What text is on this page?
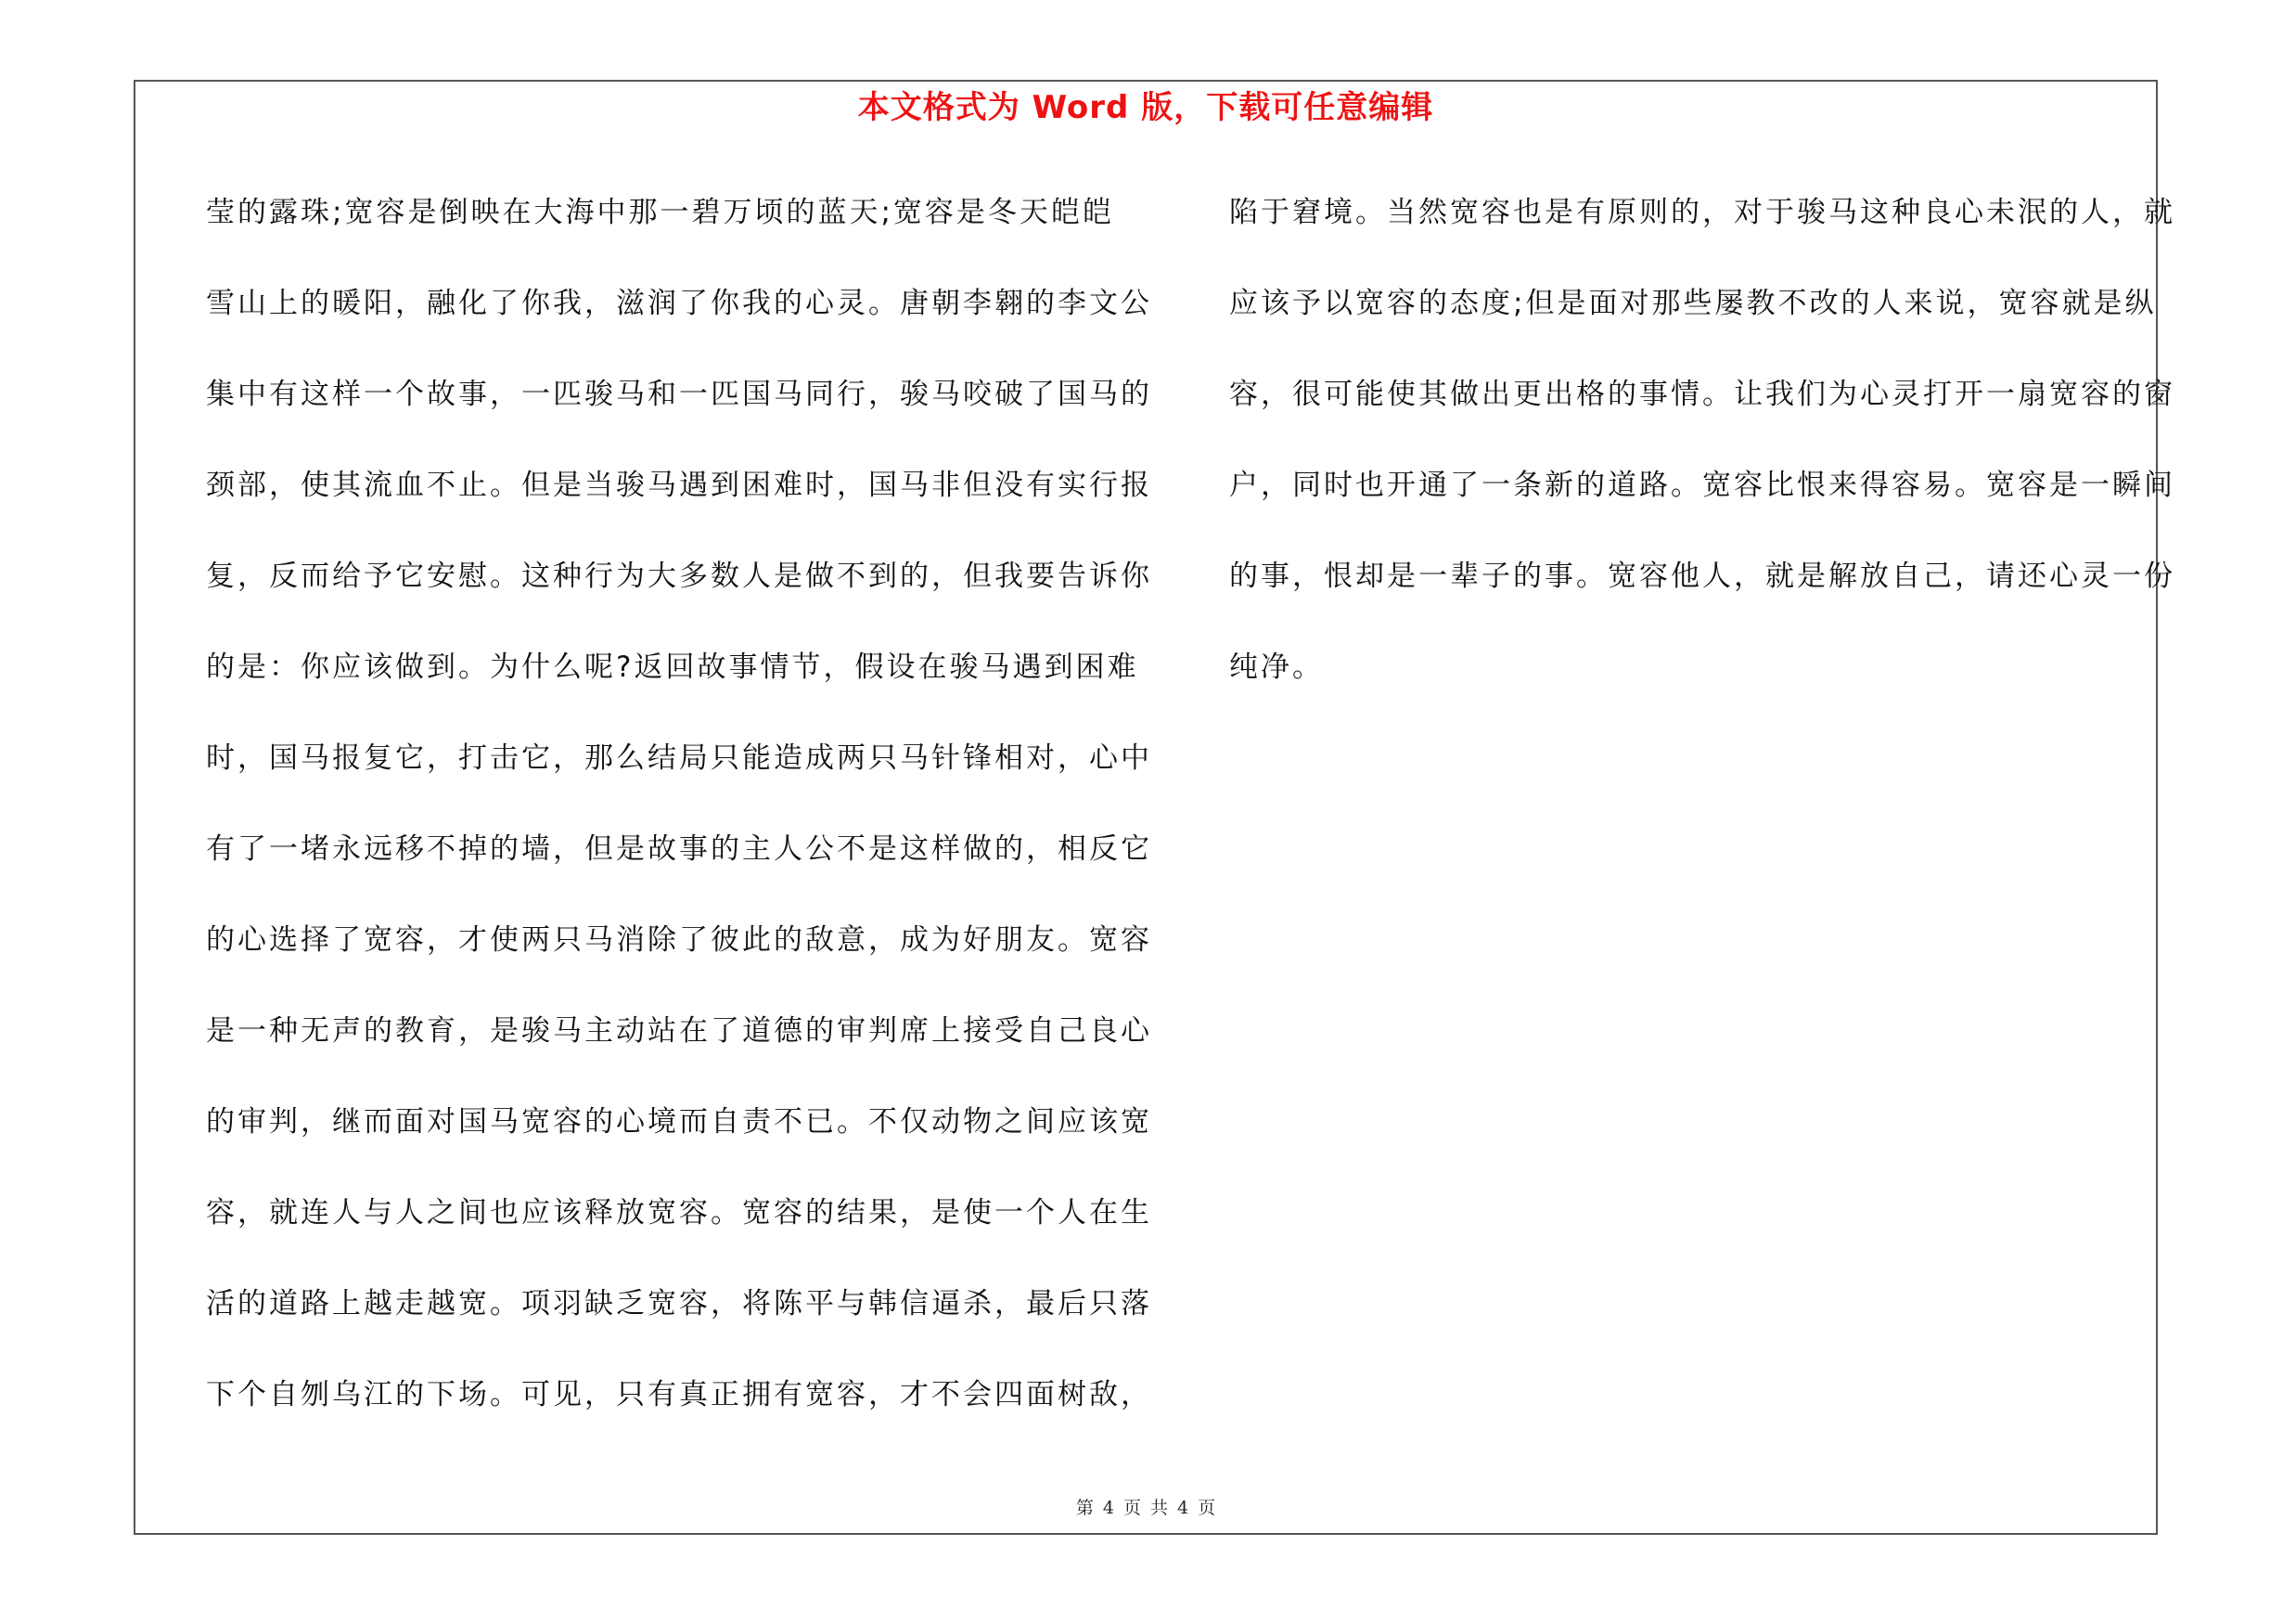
本文格式为 Word 版，下载可任意编辑
莹的露珠;宽容是倒映在大海中那一碧万顷的蓝天;宽容是冬天皑皑
雪山上的暖阳，融化了你我，滋润了你我的心灵。唐朝李翱的李文公
集中有这样一个故事，一匹骏马和一匹国马同行，骏马咬破了国马的
颈部，使其流血不止。但是当骏马遇到困难时，国马非但没有实行报
复，反而给予它安慰。这种行为大多数人是做不到的，但我要告诉你
的是：你应该做到。为什么呢?返回故事情节，假设在骏马遇到困难
时，国马报复它，打击它，那么结局只能造成两只马针锋相对，心中
有了一堵永远移不掉的墙，但是故事的主人公不是这样做的，相反它
的心选择了宽容，才使两只马消除了彼此的敌意，成为好朋友。宽容
是一种无声的教育，是骏马主动站在了道德的审判席上接受自己良心
的审判，继而面对国马宽容的心境而自责不已。不仅动物之间应该宽
容，就连人与人之间也应该释放宽容。宽容的结果，是使一个人在生
活的道路上越走越宽。项羽缺乏宽容，将陈平与韩信逼杀，最后只落
下个自刎乌江的下场。可见，只有真正拥有宽容，才不会四面树敌，
陷于窘境。当然宽容也是有原则的，对于骏马这种良心未泯的人，就
应该予以宽容的态度;但是面对那些屡教不改的人来说，宽容就是纵
容，很可能使其做出更出格的事情。让我们为心灵打开一扇宽容的窗
户，同时也开通了一条新的道路。宽容比恨来得容易。宽容是一瞬间
的事，恨却是一辈子的事。宽容他人，就是解放自己，请还心灵一份
纯净。
第 4 页 共 4 页
